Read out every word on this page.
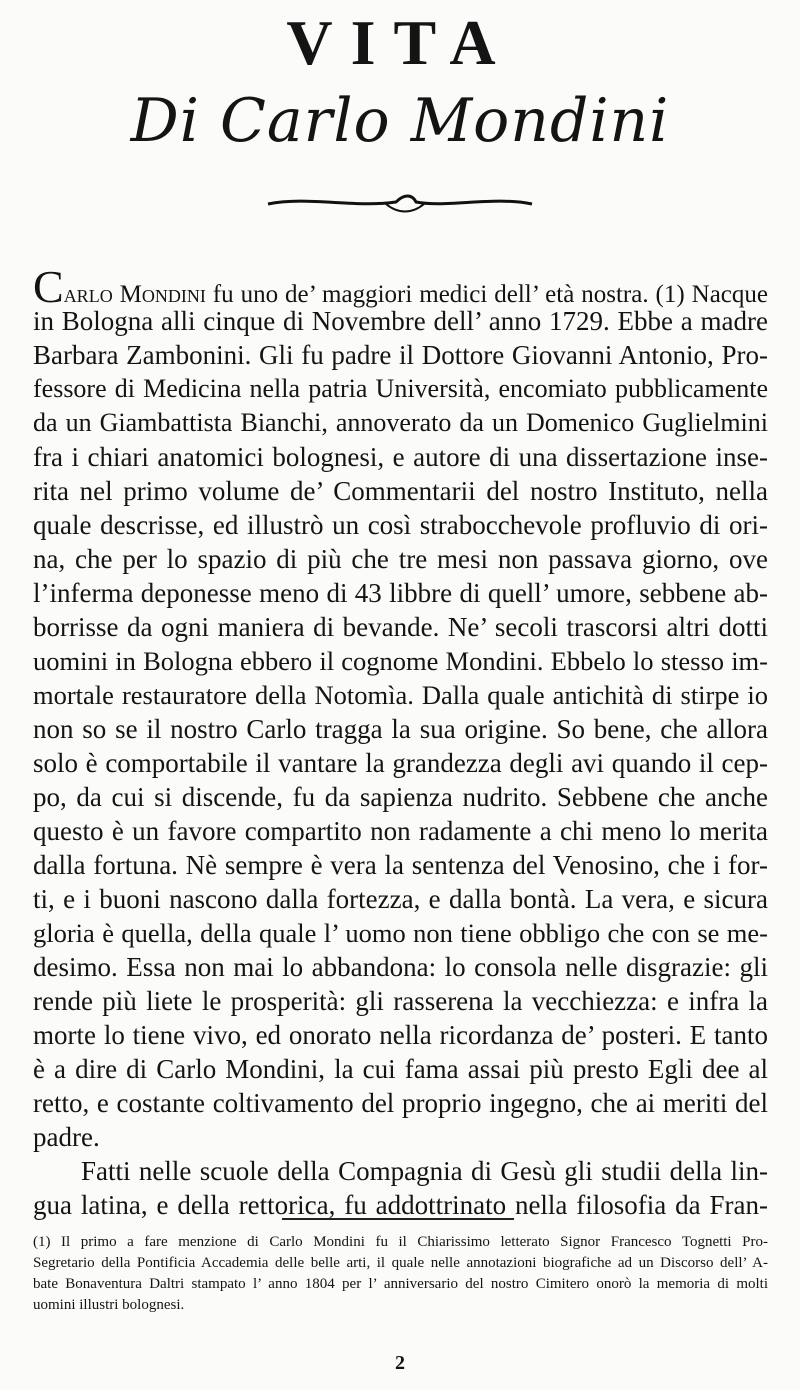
VITA
Di Carlo Mondini
Carlo Mondini fu uno de’ maggiori medici dell’ età nostra. (1) Nacque
in Bologna alli cinque di Novembre dell’ anno 1729. Ebbe a madre
Barbara Zambonini. Gli fu padre il Dottore Giovanni Antonio, Pro-
fessore di Medicina nella patria Università, encomiato pubblicamente
da un Giambattista Bianchi, annoverato da un Domenico Guglielmini
fra i chiari anatomici bolognesi, e autore di una dissertazione inse-
rita nel primo volume de’ Commentarii del nostro Instituto, nella
quale descrisse, ed illustrò un così strabocchevole profluvio di ori-
na, che per lo spazio di più che tre mesi non passava giorno, ove
l’inferma deponesse meno di 43 libbre di quell’ umore, sebbene ab-
borrisse da ogni maniera di bevande. Ne’ secoli trascorsi altri dotti
uomini in Bologna ebbero il cognome Mondini. Ebbelo lo stesso im-
mortale restauratore della Notomìa. Dalla quale antichità di stirpe io
non so se il nostro Carlo tragga la sua origine. So bene, che allora
solo è comportabile il vantare la grandezza degli avi quando il cep-
po, da cui si discende, fu da sapienza nudrito. Sebbene che anche
questo è un favore compartito non radamente a chi meno lo merita
dalla fortuna. Nè sempre è vera la sentenza del Venosino, che i for-
ti, e i buoni nascono dalla fortezza, e dalla bontà. La vera, e sicura
gloria è quella, della quale l’ uomo non tiene obbligo che con se me-
desimo. Essa non mai lo abbandona: lo consola nelle disgrazie: gli
rende più liete le prosperità: gli rasserena la vecchiezza: e infra la
morte lo tiene vivo, ed onorato nella ricordanza de’ posteri. E tanto
è a dire di Carlo Mondini, la cui fama assai più presto Egli dee al
retto, e costante coltivamento del proprio ingegno, che ai meriti del
padre.
Fatti nelle scuole della Compagnia di Gesù gli studii della lin-
gua latina, e della rettorica, fu addottrinato nella filosofia da Fran-
(1) Il primo a fare menzione di Carlo Mondini fu il Chiarissimo letterato Signor Francesco Tognetti Pro-
Segretario della Pontificia Accademia delle belle arti, il quale nelle annotazioni biografiche ad un Discorso dell’ A-
bate Bonaventura Daltri stampato l’ anno 1804 per l’ anniversario del nostro Cimitero onorò la memoria di molti
uomini illustri bolognesi.
2
